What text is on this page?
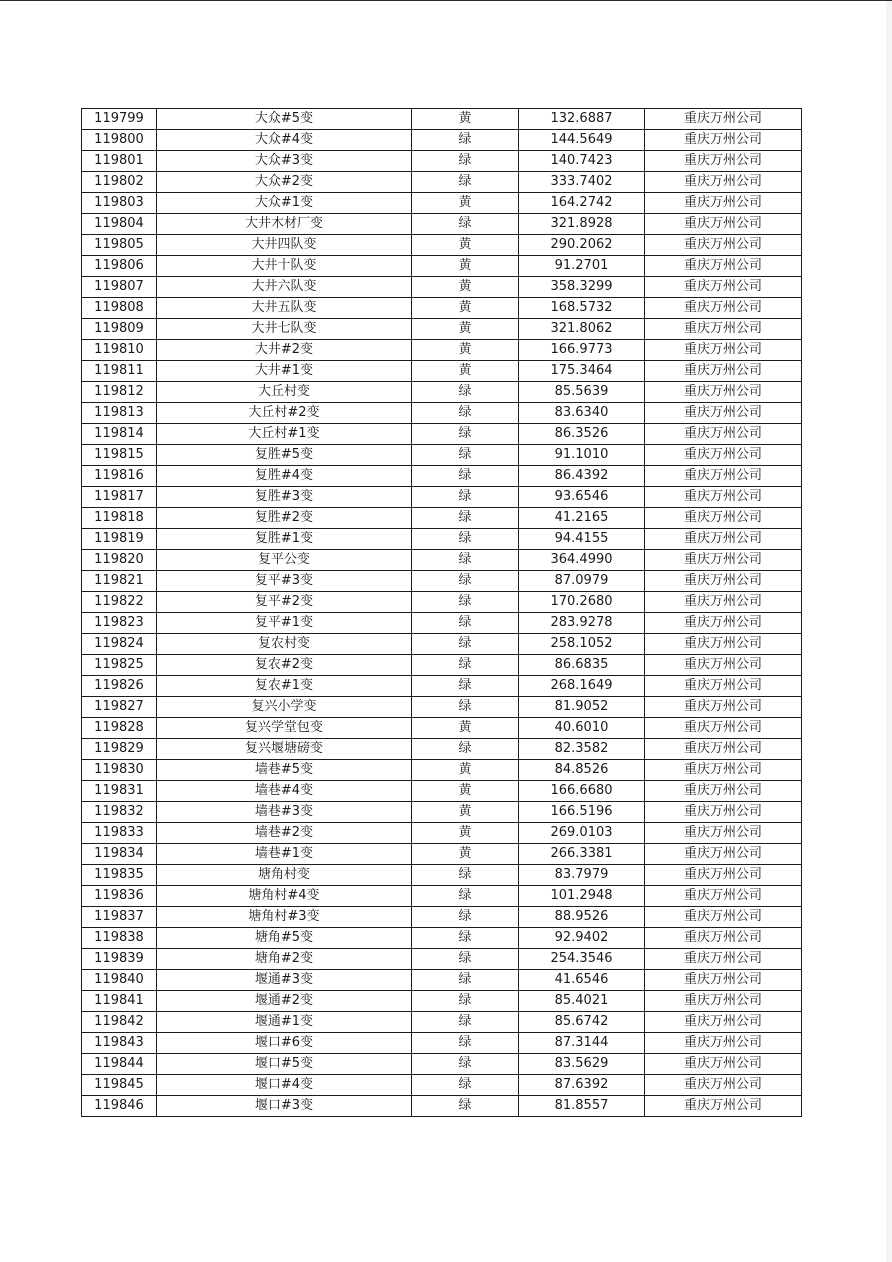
119799	大众#5变	黄	132.6887	重庆万州公司
119800	大众#4变	绿	144.5649	重庆万州公司
119801	大众#3变	绿	140.7423	重庆万州公司
119802	大众#2变	绿	333.7402	重庆万州公司
119803	大众#1变	黄	164.2742	重庆万州公司
119804	大井木材厂变	绿	321.8928	重庆万州公司
119805	大井四队变	黄	290.2062	重庆万州公司
119806	大井十队变	黄	91.2701	重庆万州公司
119807	大井六队变	黄	358.3299	重庆万州公司
119808	大井五队变	黄	168.5732	重庆万州公司
119809	大井七队变	黄	321.8062	重庆万州公司
119810	大井#2变	黄	166.9773	重庆万州公司
119811	大井#1变	黄	175.3464	重庆万州公司
119812	大丘村变	绿	85.5639	重庆万州公司
119813	大丘村#2变	绿	83.6340	重庆万州公司
119814	大丘村#1变	绿	86.3526	重庆万州公司
119815	复胜#5变	绿	91.1010	重庆万州公司
119816	复胜#4变	绿	86.4392	重庆万州公司
119817	复胜#3变	绿	93.6546	重庆万州公司
119818	复胜#2变	绿	41.2165	重庆万州公司
119819	复胜#1变	绿	94.4155	重庆万州公司
119820	复平公变	绿	364.4990	重庆万州公司
119821	复平#3变	绿	87.0979	重庆万州公司
119822	复平#2变	绿	170.2680	重庆万州公司
119823	复平#1变	绿	283.9278	重庆万州公司
119824	复农村变	绿	258.1052	重庆万州公司
119825	复农#2变	绿	86.6835	重庆万州公司
119826	复农#1变	绿	268.1649	重庆万州公司
119827	复兴小学变	绿	81.9052	重庆万州公司
119828	复兴学堂包变	黄	40.6010	重庆万州公司
119829	复兴堰塘磅变	绿	82.3582	重庆万州公司
119830	墙巷#5变	黄	84.8526	重庆万州公司
119831	墙巷#4变	黄	166.6680	重庆万州公司
119832	墙巷#3变	黄	166.5196	重庆万州公司
119833	墙巷#2变	黄	269.0103	重庆万州公司
119834	墙巷#1变	黄	266.3381	重庆万州公司
119835	塘角村变	绿	83.7979	重庆万州公司
119836	塘角村#4变	绿	101.2948	重庆万州公司
119837	塘角村#3变	绿	88.9526	重庆万州公司
119838	塘角#5变	绿	92.9402	重庆万州公司
119839	塘角#2变	绿	254.3546	重庆万州公司
119840	堰通#3变	绿	41.6546	重庆万州公司
119841	堰通#2变	绿	85.4021	重庆万州公司
119842	堰通#1变	绿	85.6742	重庆万州公司
119843	堰口#6变	绿	87.3144	重庆万州公司
119844	堰口#5变	绿	83.5629	重庆万州公司
119845	堰口#4变	绿	87.6392	重庆万州公司
119846	堰口#3变	绿	81.8557	重庆万州公司
